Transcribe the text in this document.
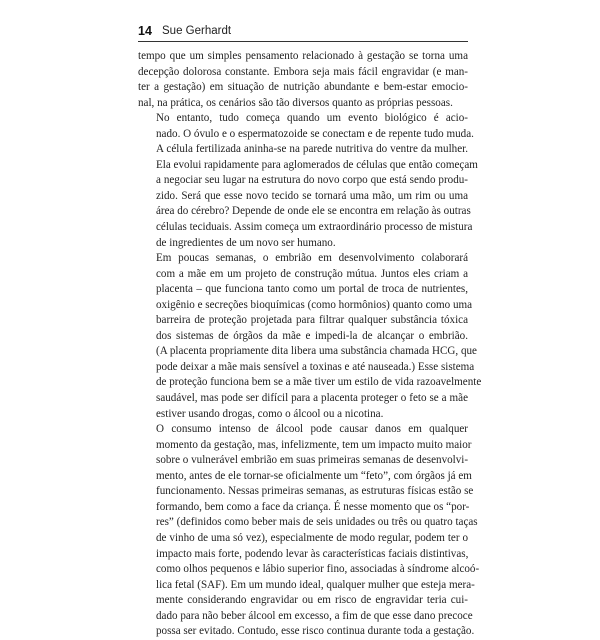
14 Sue Gerhardt
tempo que um simples pensamento relacionado à gestação se torna uma
decepção dolorosa constante. Embora seja mais fácil engravidar (e man-
ter a gestação) em situação de nutrição abundante e bem-estar emocio-
nal, na prática, os cenários são tão diversos quanto as próprias pessoas.
No entanto, tudo começa quando um evento biológico é acio-
nado. O óvulo e o espermatozoide se conectam e de repente tudo muda.
A célula fertilizada aninha-se na parede nutritiva do ventre da mulher.
Ela evolui rapidamente para aglomerados de células que então começam
a negociar seu lugar na estrutura do novo corpo que está sendo produ-
zido. Será que esse novo tecido se tornará uma mão, um rim ou uma
área do cérebro? Depende de onde ele se encontra em relação às outras
células teciduais. Assim começa um extraordinário processo de mistura
de ingredientes de um novo ser humano.
Em poucas semanas, o embrião em desenvolvimento colaborará
com a mãe em um projeto de construção mútua. Juntos eles criam a
placenta – que funciona tanto como um portal de troca de nutrientes,
oxigênio e secreções bioquímicas (como hormônios) quanto como uma
barreira de proteção projetada para filtrar qualquer substância tóxica
dos sistemas de órgãos da mãe e impedi-la de alcançar o embrião.
(A placenta propriamente dita libera uma substância chamada HCG, que
pode deixar a mãe mais sensível a toxinas e até nauseada.) Esse sistema
de proteção funciona bem se a mãe tiver um estilo de vida razoavelmente
saudável, mas pode ser difícil para a placenta proteger o feto se a mãe
estiver usando drogas, como o álcool ou a nicotina.
O consumo intenso de álcool pode causar danos em qualquer
momento da gestação, mas, infelizmente, tem um impacto muito maior
sobre o vulnerável embrião em suas primeiras semanas de desenvolvi-
mento, antes de ele tornar-se oficialmente um “feto”, com órgãos já em
funcionamento. Nessas primeiras semanas, as estruturas físicas estão se
formando, bem como a face da criança. É nesse momento que os “por-
res” (definidos como beber mais de seis unidades ou três ou quatro taças
de vinho de uma só vez), especialmente de modo regular, podem ter o
impacto mais forte, podendo levar às características faciais distintivas,
como olhos pequenos e lábio superior fino, associadas à síndrome alcoó-
lica fetal (SAF). Em um mundo ideal, qualquer mulher que esteja mera-
mente considerando engravidar ou em risco de engravidar teria cui-
dado para não beber álcool em excesso, a fim de que esse dano precoce
possa ser evitado. Contudo, esse risco continua durante toda a gestação.
